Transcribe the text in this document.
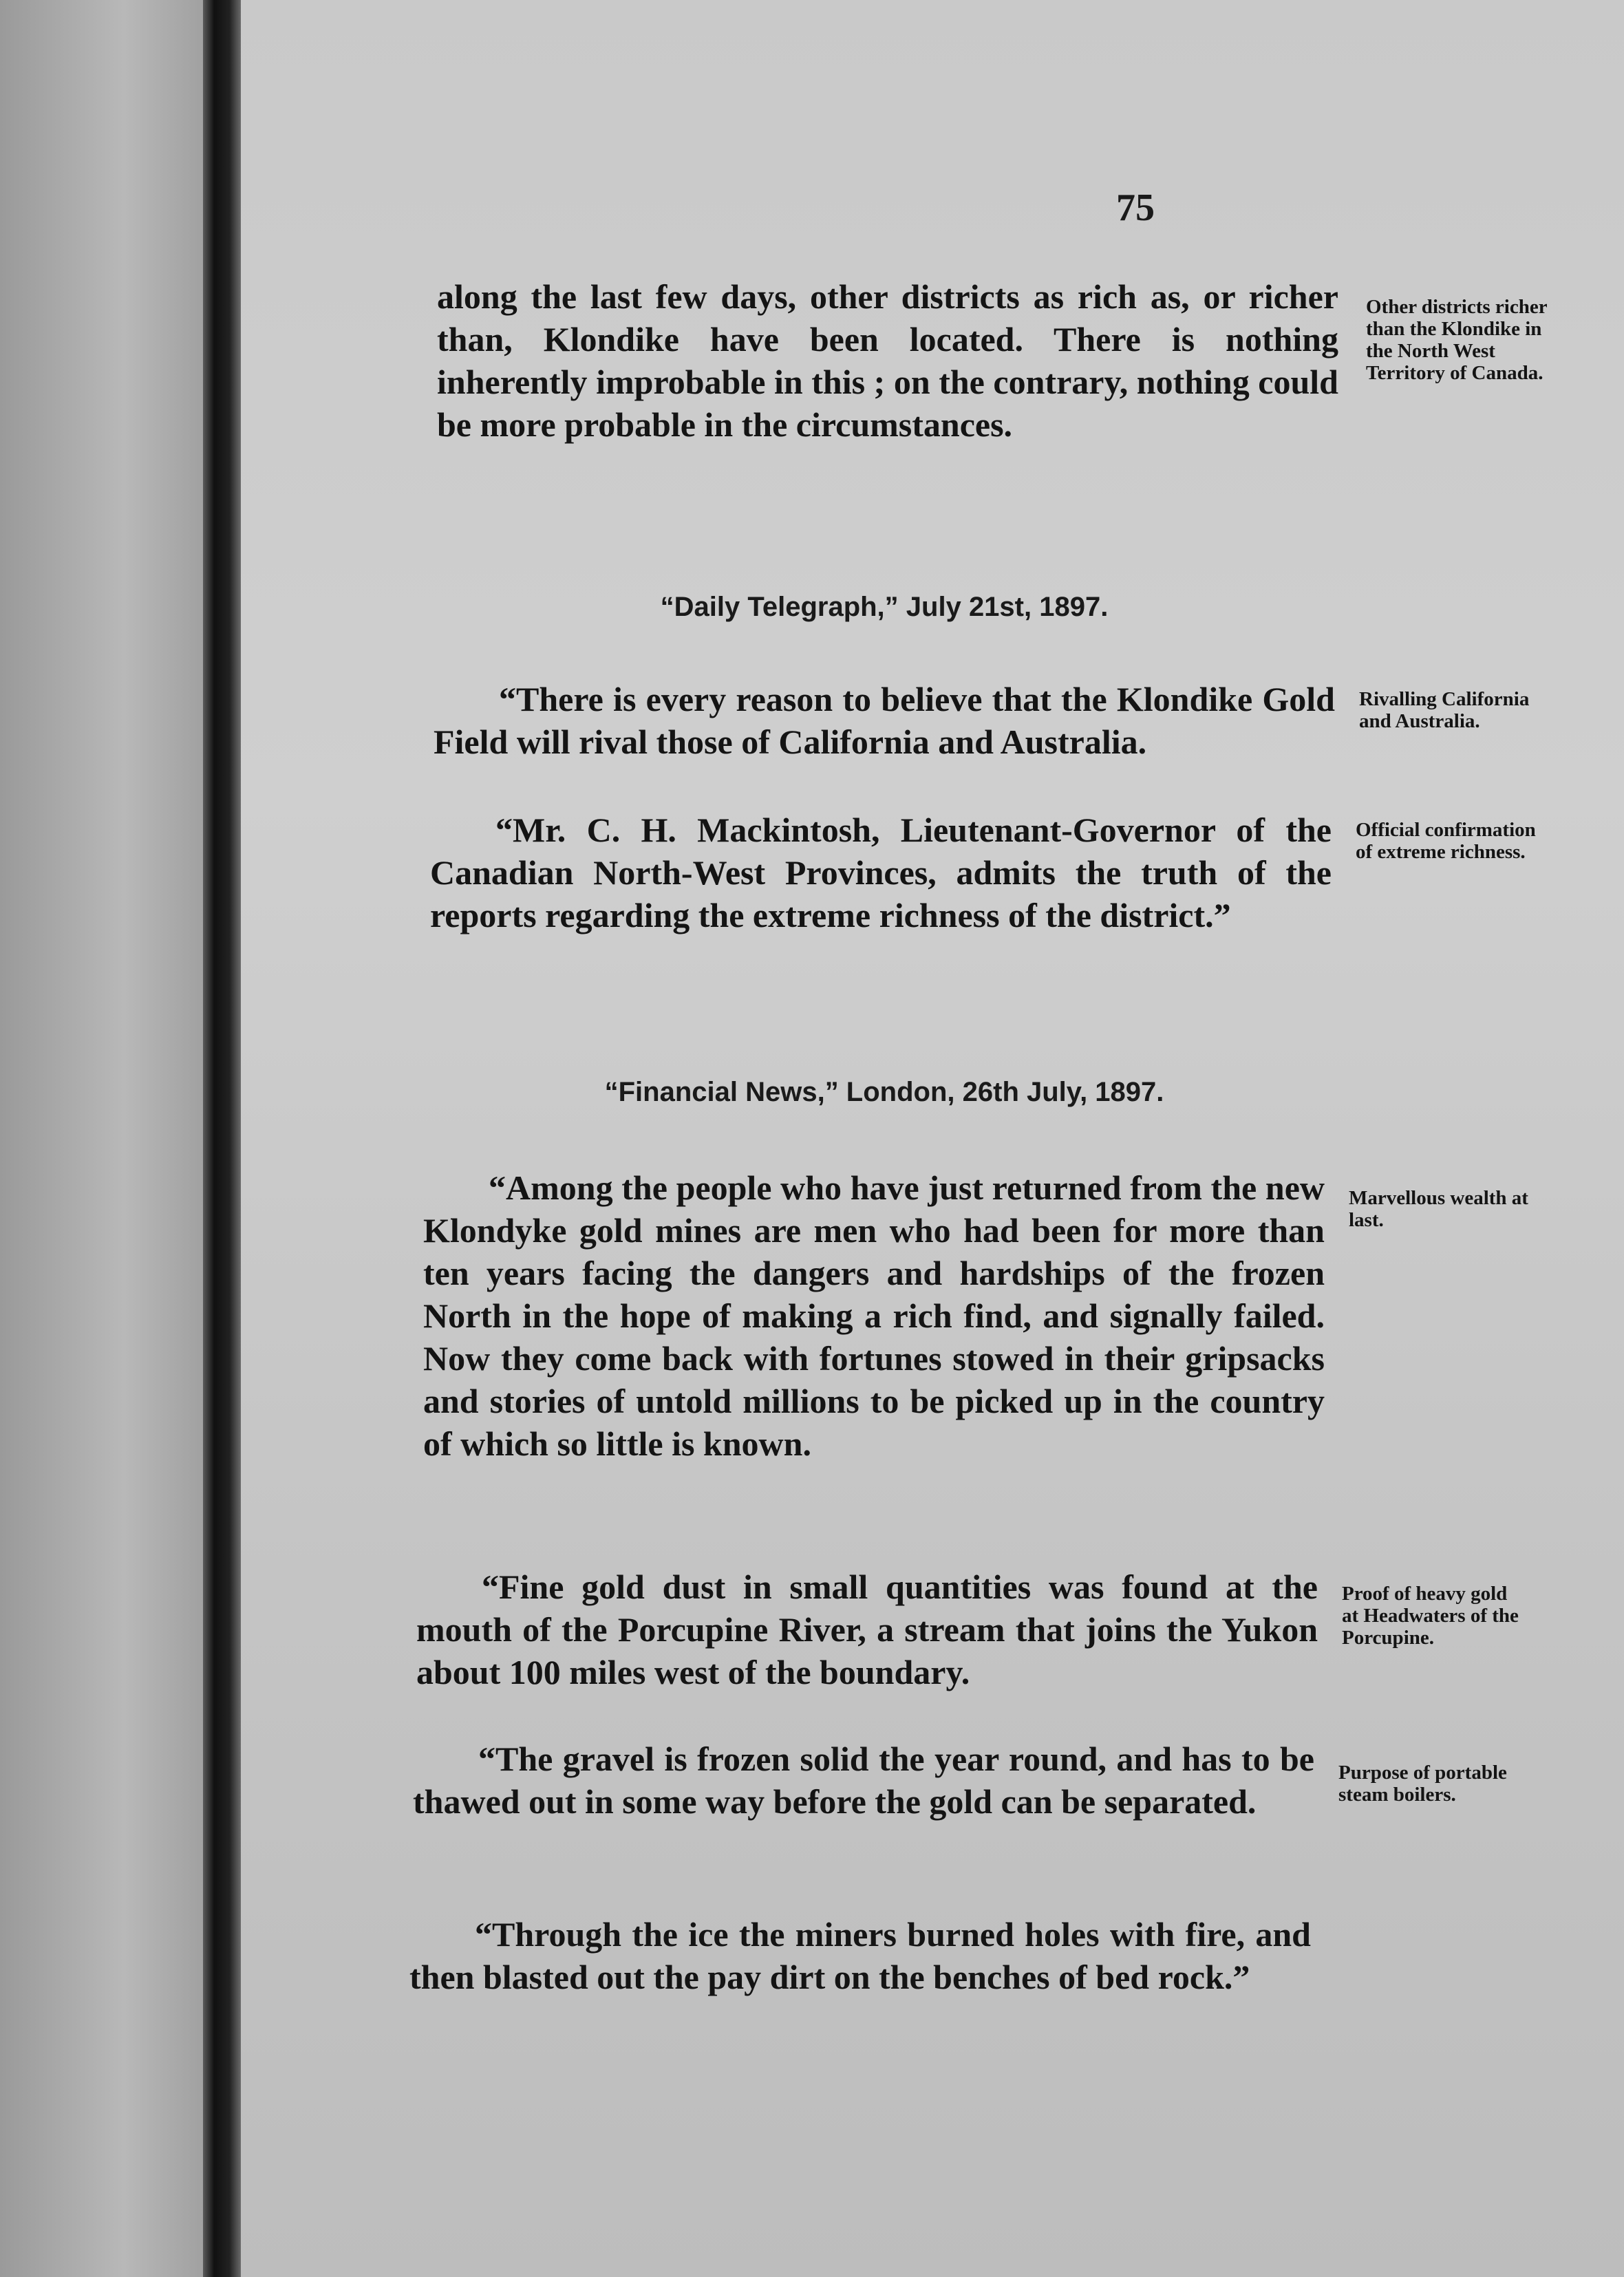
75

along the last few days, other districts as rich as, or richer than, Klondike have been located. There is nothing inherently improbable in this ; on the contrary, nothing could be more probable in the circumstances.

Other districts richer than the Klondike in the North West Territory of Canada.

“Daily Telegraph,” July 21st, 1897.

“There is every reason to believe that the Klondike Gold Field will rival those of California and Australia.

Rivalling California and Australia.

“Mr. C. H. Mackintosh, Lieutenant-Governor of the Canadian North-West Provinces, admits the truth of the reports regarding the extreme richness of the district.”

Official confirmation of extreme richness.

“Financial News,” London, 26th July, 1897.

“Among the people who have just returned from the new Klondyke gold mines are men who had been for more than ten years facing the dangers and hardships of the frozen North in the hope of making a rich find, and signally failed. Now they come back with fortunes stowed in their gripsacks and stories of untold millions to be picked up in the country of which so little is known.

Marvellous wealth at last.

“Fine gold dust in small quantities was found at the mouth of the Porcupine River, a stream that joins the Yukon about 100 miles west of the boundary.

Proof of heavy gold at Headwaters of the Porcupine.

“The gravel is frozen solid the year round, and has to be thawed out in some way before the gold can be separated.

Purpose of portable steam boilers.

“Through the ice the miners burned holes with fire, and then blasted out the pay dirt on the benches of bed rock.”
